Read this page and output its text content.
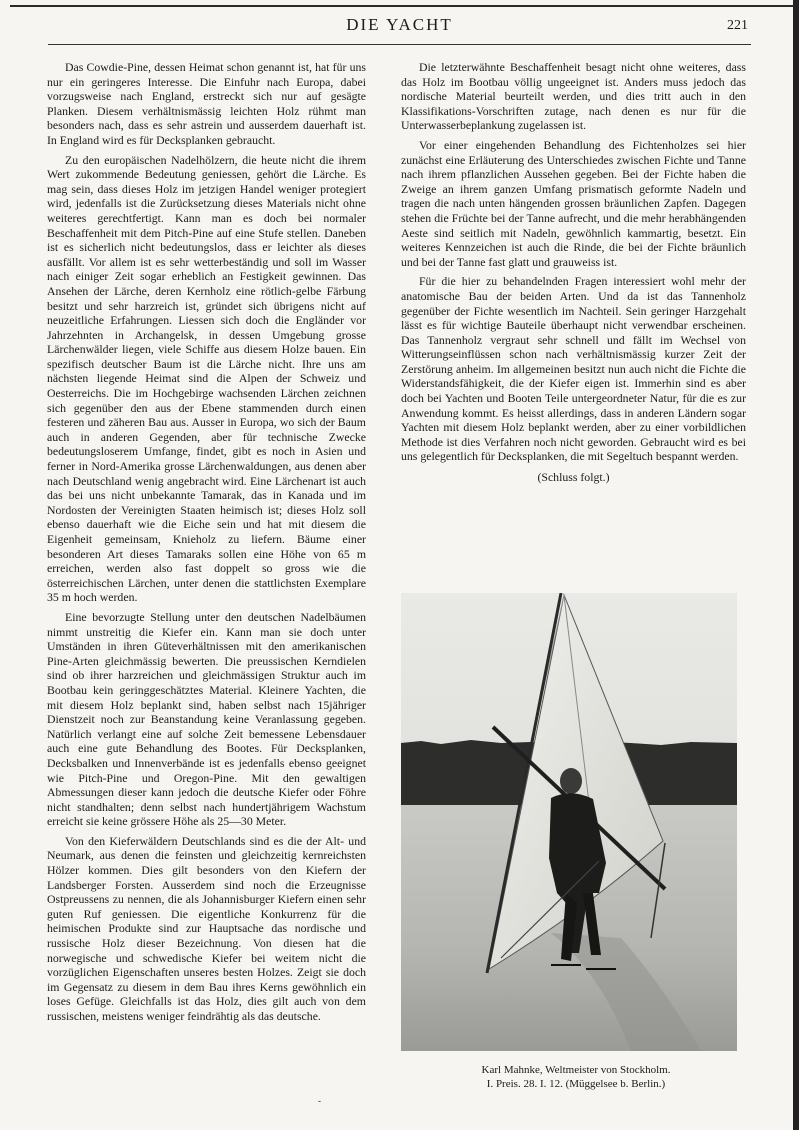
DIE YACHT	221

Das Cowdie-Pine, dessen Heimat schon genannt ist, hat für uns nur ein geringeres Interesse. Die Einfuhr nach Europa, dabei vorzugsweise nach England, erstreckt sich nur auf gesägte Planken. Diesem verhältnismässig leichten Holz rühmt man besonders nach, dass es sehr astrein und ausserdem dauerhaft ist. In England wird es für Decksplanken gebraucht.

Zu den europäischen Nadelhölzern, die heute nicht die ihrem Wert zukommende Bedeutung geniessen, gehört die Lärche. Es mag sein, dass dieses Holz im jetzigen Handel weniger protegiert wird, jedenfalls ist die Zurücksetzung dieses Materials nicht ohne weiteres gerechtfertigt. Kann man es doch bei normaler Beschaffenheit mit dem Pitch-Pine auf eine Stufe stellen. Daneben ist es sicherlich nicht bedeutungslos, dass er leichter als dieses ausfällt. Vor allem ist es sehr wetterbeständig und soll im Wasser nach einiger Zeit sogar erheblich an Festigkeit gewinnen. Das Ansehen der Lärche, deren Kernholz eine rötlich-gelbe Färbung besitzt und sehr harzreich ist, gründet sich übrigens nicht auf neuzeitliche Erfahrungen. Liessen sich doch die Engländer vor Jahrzehnten in Archangelsk, in dessen Umgebung grosse Lärchenwälder liegen, viele Schiffe aus diesem Holze bauen. Ein spezifisch deutscher Baum ist die Lärche nicht. Ihre uns am nächsten liegende Heimat sind die Alpen der Schweiz und Oesterreichs. Die im Hochgebirge wachsenden Lärchen zeichnen sich gegenüber den aus der Ebene stammenden durch einen festeren und zäheren Bau aus. Ausser in Europa, wo sich der Baum auch in anderen Gegenden, aber für technische Zwecke bedeutungsloserem Umfange, findet, gibt es noch in Asien und ferner in Nord-Amerika grosse Lärchenwaldungen, aus denen aber nach Deutschland wenig angebracht wird. Eine Lärchenart ist auch das bei uns nicht unbekannte Tamarak, das in Kanada und im Nordosten der Vereinigten Staaten heimisch ist; dieses Holz soll ebenso dauerhaft wie die Eiche sein und hat mit diesem die Eigenheit gemeinsam, Knieholz zu liefern. Bäume einer besonderen Art dieses Tamaraks sollen eine Höhe von 65 m erreichen, werden also fast doppelt so gross wie die österreichischen Lärchen, unter denen die stattlichsten Exemplare 35 m hoch werden.

Eine bevorzugte Stellung unter den deutschen Nadelbäumen nimmt unstreitig die Kiefer ein. Kann man sie doch unter Umständen in ihren Güteverhältnissen mit den amerikanischen Pine-Arten gleichmässig bewerten. Die preussischen Kerndielen sind ob ihrer harzreichen und gleichmässigen Struktur auch im Bootbau kein geringgeschätztes Material. Kleinere Yachten, die mit diesem Holz beplankt sind, haben selbst nach 15jähriger Dienstzeit noch zur Beanstandung keine Veranlassung gegeben. Natürlich verlangt eine auf solche Zeit bemessene Lebensdauer auch eine gute Behandlung des Bootes. Für Decksplanken, Decksbalken und Innenverbände ist es jedenfalls ebenso geeignet wie Pitch-Pine und Oregon-Pine. Mit den gewaltigen Abmessungen dieser kann jedoch die deutsche Kiefer oder Föhre nicht standhalten; denn selbst nach hundertjährigem Wachstum erreicht sie keine grössere Höhe als 25—30 Meter.

Von den Kieferwäldern Deutschlands sind es die der Alt- und Neumark, aus denen die feinsten und gleichzeitig kernreichsten Hölzer kommen. Dies gilt besonders von den Kiefern der Landsberger Forsten. Ausserdem sind noch die Erzeugnisse Ostpreussens zu nennen, die als Johannisburger Kiefern einen sehr guten Ruf geniessen. Die eigentliche Konkurrenz für die heimischen Produkte sind zur Hauptsache das nordische und russische Holz dieser Bezeichnung. Von diesen hat die norwegische und schwedische Kiefer bei weitem nicht die vorzüglichen Eigenschaften unseres besten Holzes. Zeigt sie doch im Gegensatz zu diesem in dem Bau ihres Kerns gewöhnlich ein loses Gefüge. Gleichfalls ist das Holz, dies gilt auch von dem russischen, meistens weniger feindrähtig als das deutsche.

Die letzterwähnte Beschaffenheit besagt nicht ohne weiteres, dass das Holz im Bootbau völlig ungeeignet ist. Anders muss jedoch das nordische Material beurteilt werden, und dies tritt auch in den Klassifikations-Vorschriften zutage, nach denen es nur für die Unterwasserbeplankung zugelassen ist.

Vor einer eingehenden Behandlung des Fichtenholzes sei hier zunächst eine Erläuterung des Unterschiedes zwischen Fichte und Tanne nach ihrem pflanzlichen Aussehen gegeben. Bei der Fichte haben die Zweige an ihrem ganzen Umfang prismatisch geformte Nadeln und tragen die nach unten hängenden grossen bräunlichen Zapfen. Dagegen stehen die Früchte bei der Tanne aufrecht, und die mehr herabhängenden Aeste sind seitlich mit Nadeln, gewöhnlich kammartig, besetzt. Ein weiteres Kennzeichen ist auch die Rinde, die bei der Fichte bräunlich und bei der Tanne fast glatt und grauweiss ist.

Für die hier zu behandelnden Fragen interessiert wohl mehr der anatomische Bau der beiden Arten. Und da ist das Tannenholz gegenüber der Fichte wesentlich im Nachteil. Sein geringer Harzgehalt lässt es für wichtige Bauteile überhaupt nicht verwendbar erscheinen. Das Tannenholz vergraut sehr schnell und fällt im Wechsel von Witterungseinflüssen schon nach verhältnismässig kurzer Zeit der Zerstörung anheim. Im allgemeinen besitzt nun auch nicht die Fichte die Widerstandsfähigkeit, die der Kiefer eigen ist. Immerhin sind es aber doch bei Yachten und Booten Teile untergeordneter Natur, für die es zur Anwendung kommt. Es heisst allerdings, dass in anderen Ländern sogar Yachten mit diesem Holz beplankt werden, aber zu einer vorbildlichen Methode ist dies Verfahren noch nicht geworden. Gebraucht wird es bei uns gelegentlich für Decksplanken, die mit Segeltuch bespannt werden.

(Schluss folgt.)
Karl Mahnke, Weltmeister von Stockholm.
I. Preis. 28. I. 12. (Müggelsee b. Berlin.)
-
